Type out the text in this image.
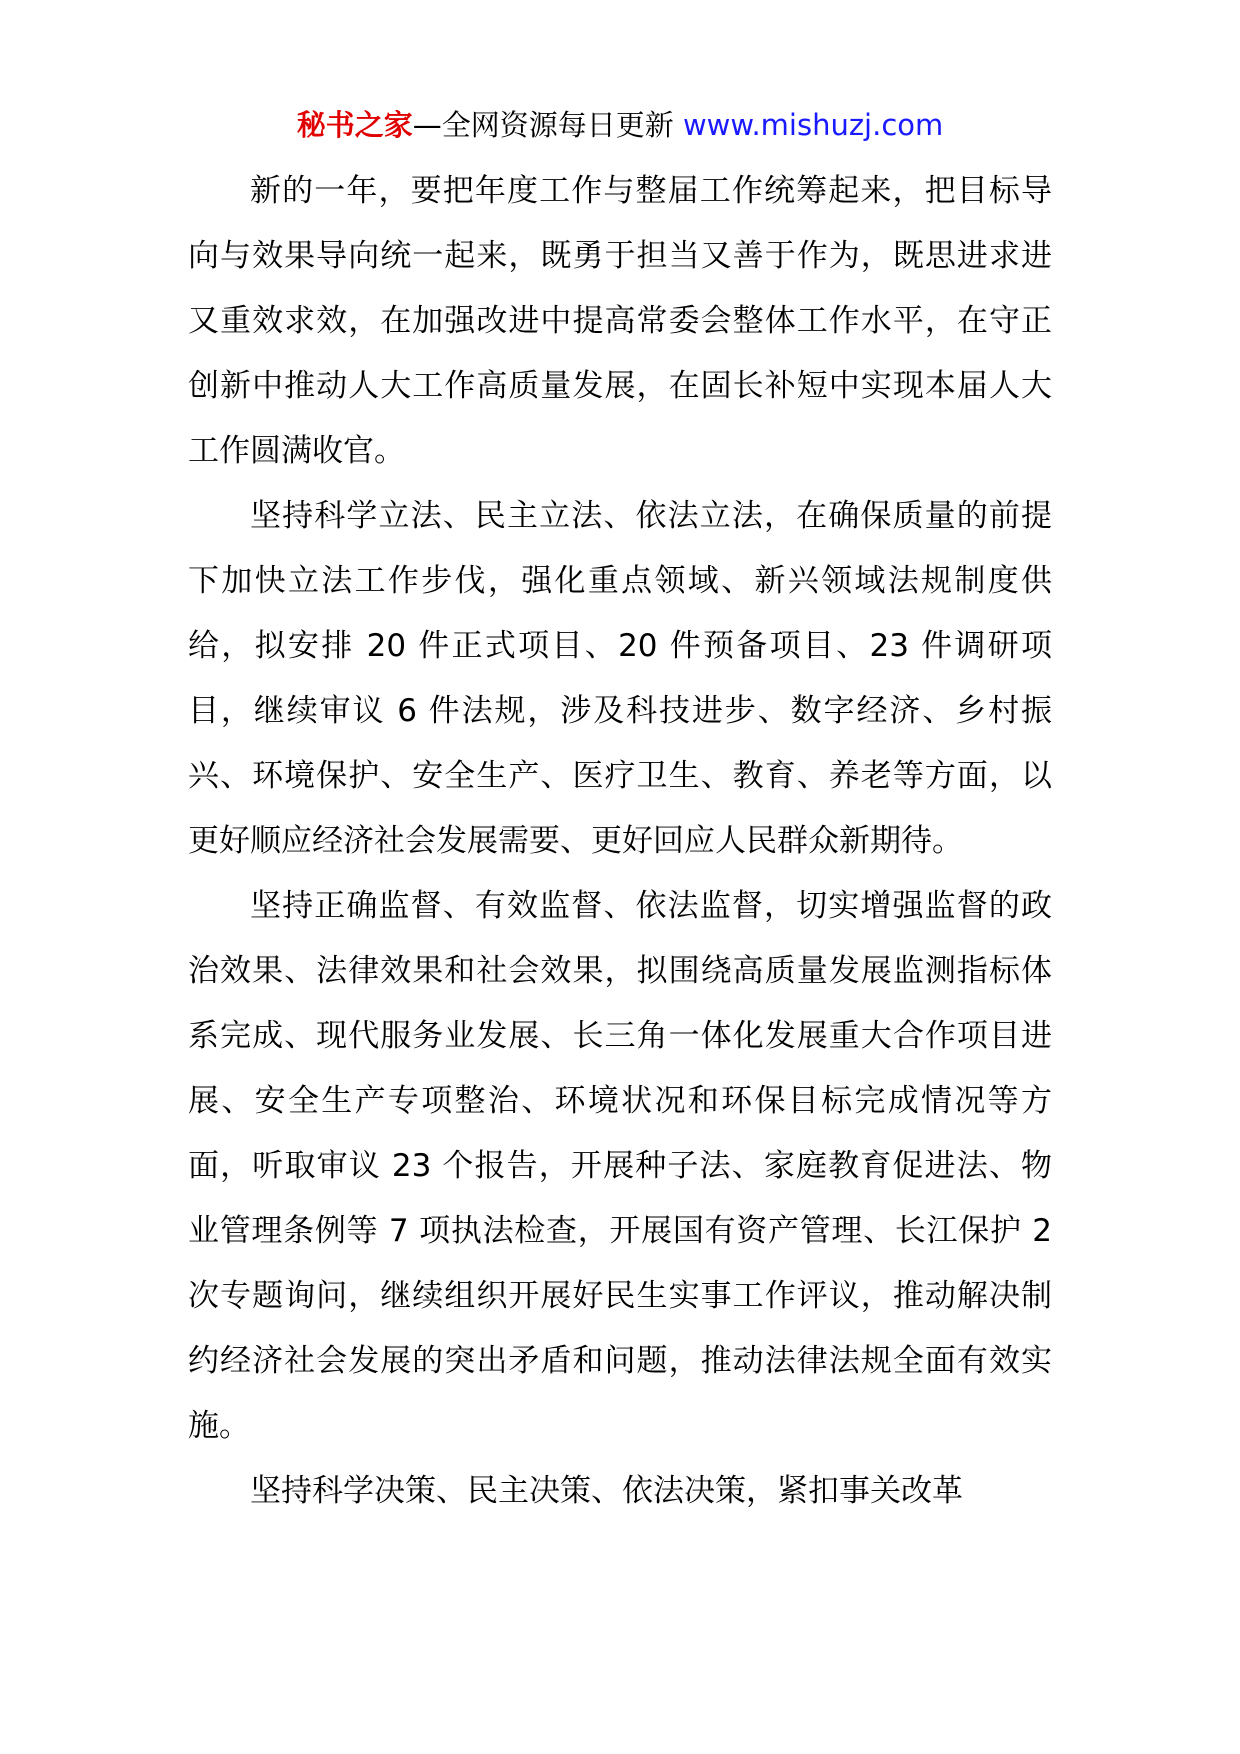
秘书之家—全网资源每日更新 www.mishuzj.com

新的一年，要把年度工作与整届工作统筹起来，把目标导向与效果导向统一起来，既勇于担当又善于作为，既思进求进又重效求效，在加强改进中提高常委会整体工作水平，在守正创新中推动人大工作高质量发展，在固长补短中实现本届人大工作圆满收官。

坚持科学立法、民主立法、依法立法，在确保质量的前提下加快立法工作步伐，强化重点领域、新兴领域法规制度供给，拟安排 20 件正式项目、20 件预备项目、23 件调研项目，继续审议 6 件法规，涉及科技进步、数字经济、乡村振兴、环境保护、安全生产、医疗卫生、教育、养老等方面，以更好顺应经济社会发展需要、更好回应人民群众新期待。

坚持正确监督、有效监督、依法监督，切实增强监督的政治效果、法律效果和社会效果，拟围绕高质量发展监测指标体系完成、现代服务业发展、长三角一体化发展重大合作项目进展、安全生产专项整治、环境状况和环保目标完成情况等方面，听取审议 23 个报告，开展种子法、家庭教育促进法、物业管理条例等 7 项执法检查，开展国有资产管理、长江保护 2 次专题询问，继续组织开展好民生实事工作评议，推动解决制约经济社会发展的突出矛盾和问题，推动法律法规全面有效实施。

坚持科学决策、民主决策、依法决策，紧扣事关改革
